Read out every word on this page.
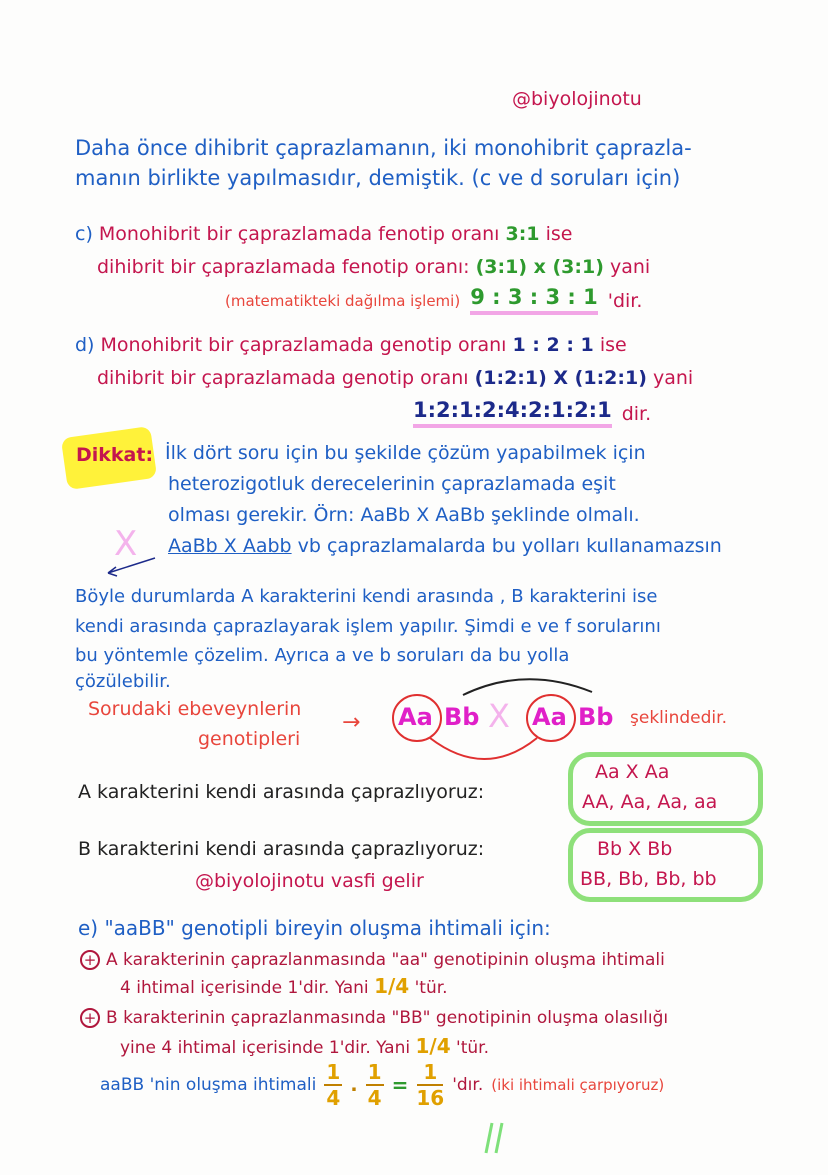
@biyolojinotu
Daha önce dihibrit çaprazlamanın, iki monohibrit çaprazla-
manın birlikte yapılmasıdır, demiştik. (c ve d soruları için)
c) Monohibrit bir çaprazlamada fenotip oranı 3:1 ise
dihibrit bir çaprazlamada fenotip oranı: (3:1) x (3:1) yani
(matematikteki dağılma işlemi) 9 : 3 : 3 : 1 'dir.
d) Monohibrit bir çaprazlamada genotip oranı 1 : 2 : 1 ise
dihibrit bir çaprazlamada genotip oranı (1:2:1) X (1:2:1) yani
1:2:1:2:4:2:1:2:1 dir.
Dikkat: İlk dört soru için bu şekilde çözüm yapabilmek için
heterozigotluk derecelerinin çaprazlamada eşit
olması gerekir. Örn: AaBb X AaBb şeklinde olmalı.
X AaBb X Aabb vb çaprazlamalarda bu yolları kullanamazsın
Böyle durumlarda A karakterini kendi arasında , B karakterini ise
kendi arasında çaprazlayarak işlem yapılır. Şimdi e ve f sorularını
bu yöntemle çözelim. Ayrıca a ve b soruları da bu yolla
çözülebilir.
Sorudaki ebeveynlerin
genotipleri
→ Aa Bb X Aa Bb şeklindedir.
A karakterini kendi arasında çaprazlıyoruz:
Aa X Aa
AA, Aa, Aa, aa
B karakterini kendi arasında çaprazlıyoruz:	Bb X Bb
BB, Bb, Bb, bb
@biyolojinotu vasfi gelir
e) "aaBB" genotipli bireyin oluşma ihtimali için:
+ A karakterinin çaprazlanmasında "aa" genotipinin oluşma ihtimali
4 ihtimal içerisinde 1'dir. Yani 1/4 'tür.
+ B karakterinin çaprazlanmasında "BB" genotipinin oluşma olasılığı
yine 4 ihtimal içerisinde 1'dir. Yani 1/4 'tür.
aaBB 'nin oluşma ihtimali $\frac{1}{4}$ . $\frac{1}{4} = \frac{1}{16}$ 'dır. (iki ihtimali çarpıyoruz)
